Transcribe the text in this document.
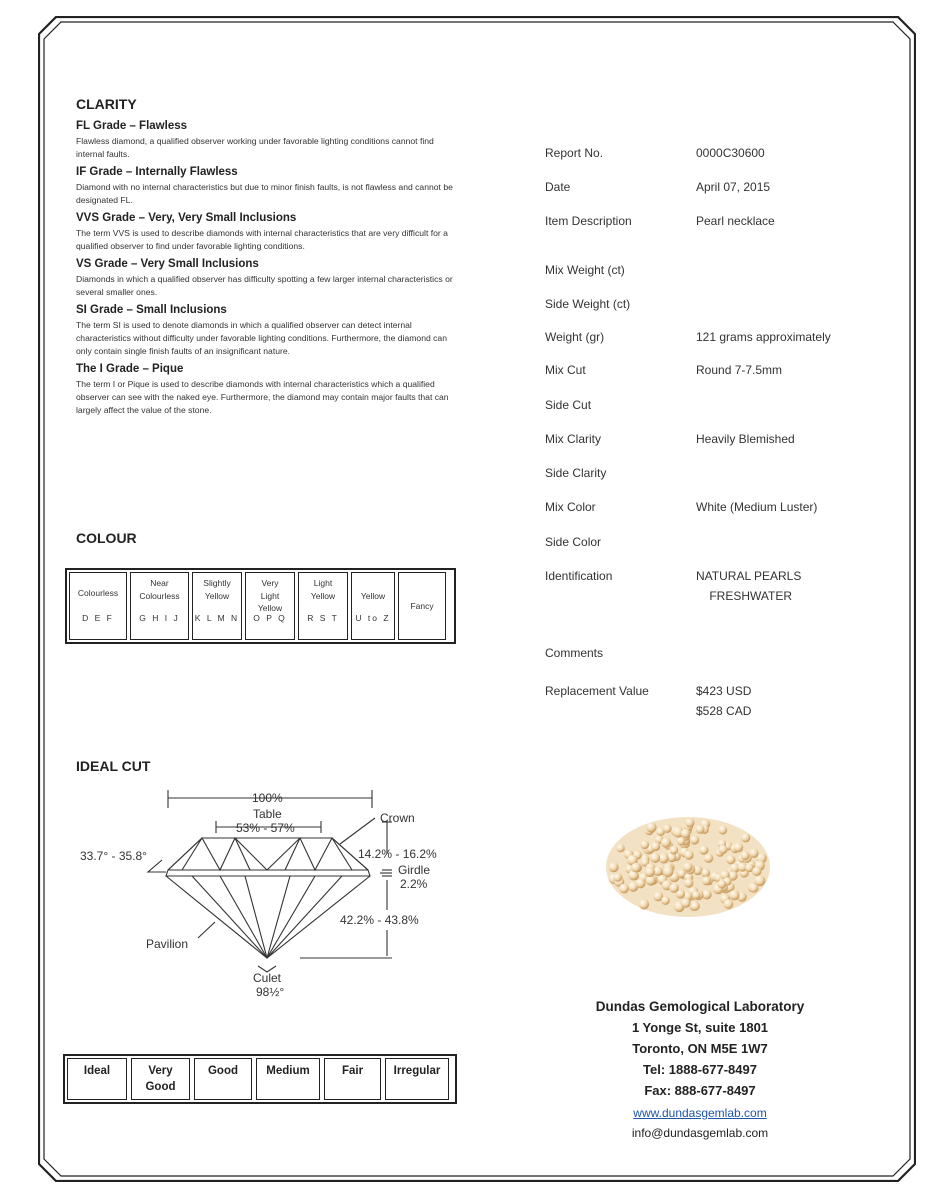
CLARITY

FL Grade – Flawless

Flawless diamond, a qualified observer working under favorable lighting conditions cannot find internal faults.

IF Grade – Internally Flawless

Diamond with no internal characteristics but due to minor finish faults, is not flawless and cannot be designated FL.

VVS Grade – Very, Very Small Inclusions

The term VVS is used to describe diamonds with internal characteristics that are very difficult for a qualified observer to find under favorable lighting conditions.

VS Grade – Very Small Inclusions

Diamonds in which a qualified observer has difficulty spotting a few larger internal characteristics or several smaller ones.

SI Grade – Small Inclusions

The term SI is used to denote diamonds in which a qualified observer can detect internal characteristics without difficulty under favorable lighting conditions. Furthermore, the diamond can only contain single finish faults of an insignificant nature.

The I Grade – Pique

The term I or Pique is used to describe diamonds with internal characteristics which a qualified observer can see with the naked eye. Furthermore, the diamond may contain major faults that can largely affect the value of the stone.

COLOUR
Colourless
D E F
Near
Colourless
G H I J
Slightly
Yellow
K L M N
Very
Light
Yellow
O P Q
Light
Yellow
R S T
Yellow
U to Z
Fancy
IDEAL CUT
100%
Table
53% - 57%
Crown
33.7° - 35.8°	14.2% - 16.2%
Girdle
2.2%
42.2% - 43.8%
Pavilion
Culet
98½°
Ideal	Very
Good
Good	Medium	Fair	Irregular
Report No.	0000C30600
Date	April 07, 2015
Item Description	Pearl necklace
Mix Weight (ct)
Side Weight (ct)
Weight (gr)	121 grams approximately
Mix Cut	Round 7-7.5mm
Side Cut
Mix Clarity	Heavily Blemished
Side Clarity
Mix Color	White (Medium Luster)
Side Color
Identification	NATURAL PEARLS
FRESHWATER
Comments
Replacement Value	$423 USD
$528 CAD
Dundas Gemological Laboratory
1 Yonge St, suite 1801
Toronto, ON M5E 1W7
Tel: 1888-677-8497
Fax: 888-677-8497
www.dundasgemlab.com
info@dundasgemlab.com
